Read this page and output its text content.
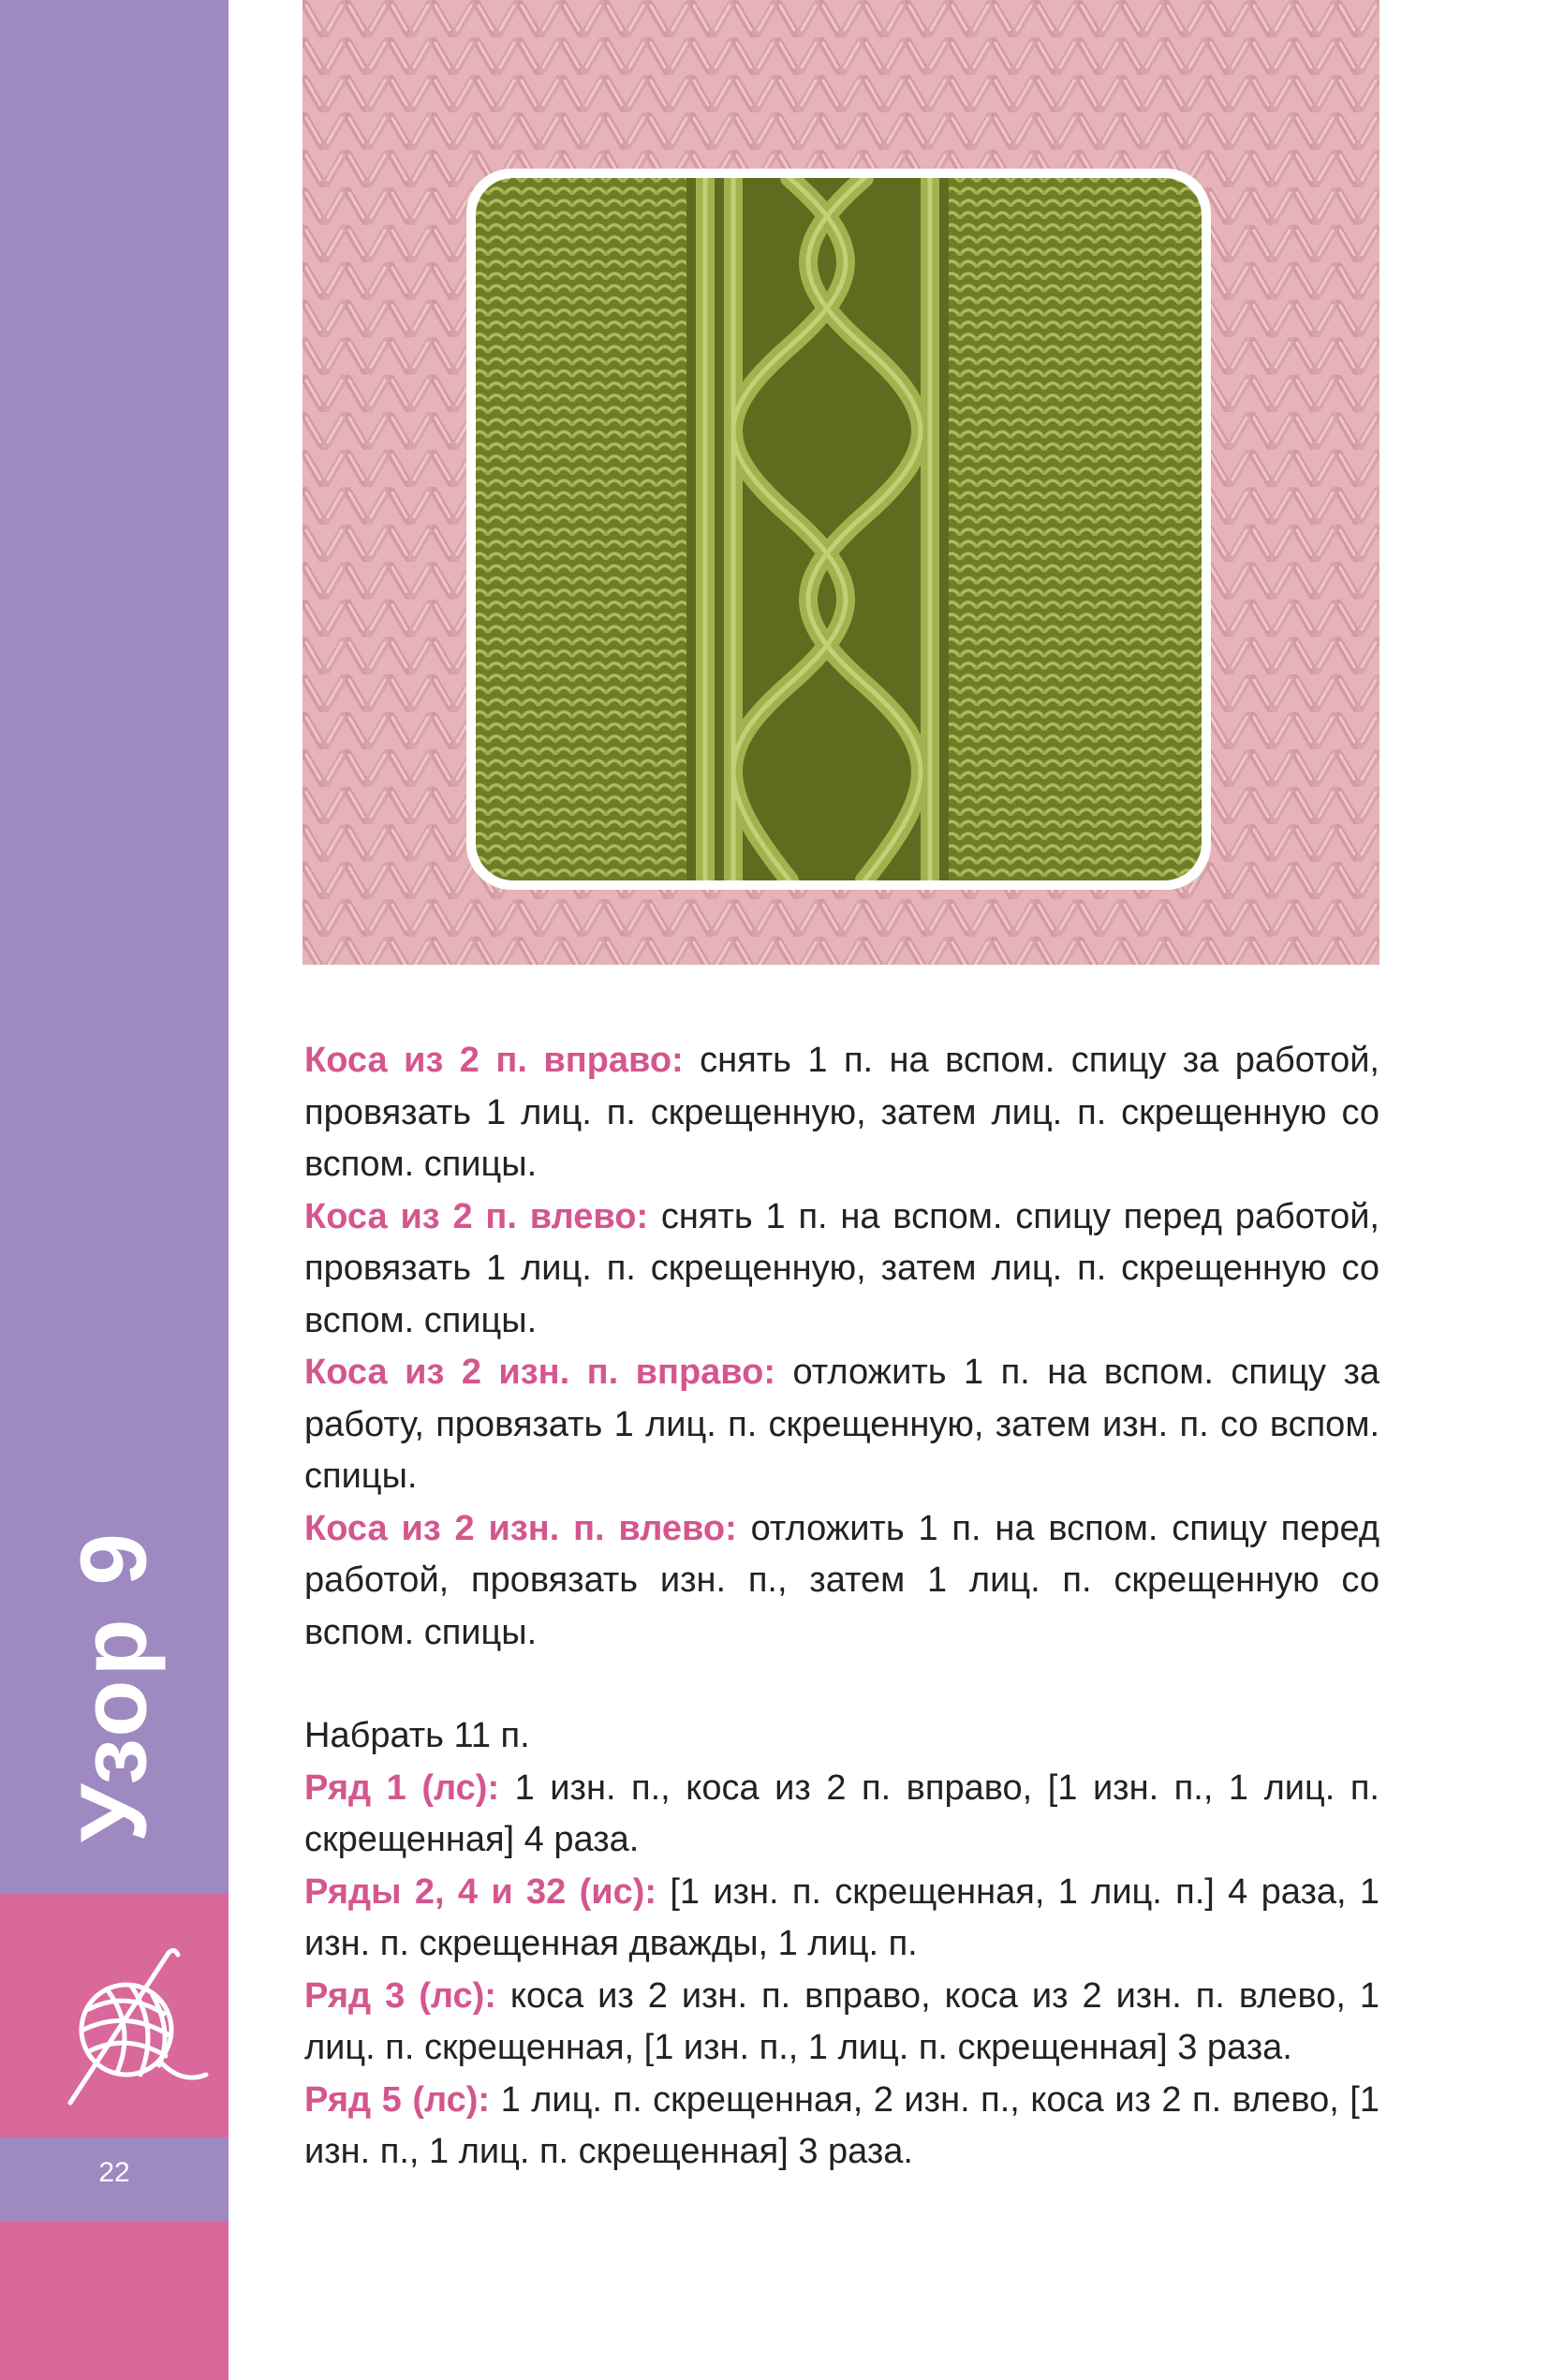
Узор 9
22

Коса из 2 п. вправо: снять 1 п. на вспом. спицу за работой, провязать 1 лиц. п. скрещенную, затем лиц. п. скрещенную со вспом. спицы.

Коса из 2 п. влево: снять 1 п. на вспом. спицу перед работой, провязать 1 лиц. п. скрещенную, затем лиц. п. скрещенную со вспом. спицы.

Коса из 2 изн. п. вправо: отложить 1 п. на вспом. спицу за работу, провязать 1 лиц. п. скрещенную, затем изн. п. со вспом. спицы.

Коса из 2 изн. п. влево: отложить 1 п. на вспом. спицу перед работой, провязать изн. п., затем 1 лиц. п. скрещенную со вспом. спицы.

Набрать 11 п.

Ряд 1 (лс): 1 изн. п., коса из 2 п. вправо, [1 изн. п., 1 лиц. п. скрещенная] 4 раза.

Ряды 2, 4 и 32 (ис): [1 изн. п. скрещенная, 1 лиц. п.] 4 раза, 1 изн. п. скрещенная дважды, 1 лиц. п.

Ряд 3 (лс): коса из 2 изн. п. вправо, коса из 2 изн. п. влево, 1 лиц. п. скрещенная, [1 изн. п., 1 лиц. п. скрещенная] 3 раза.

Ряд 5 (лс): 1 лиц. п. скрещенная, 2 изн. п., коса из 2 п. влево, [1 изн. п., 1 лиц. п. скрещенная] 3 раза.
